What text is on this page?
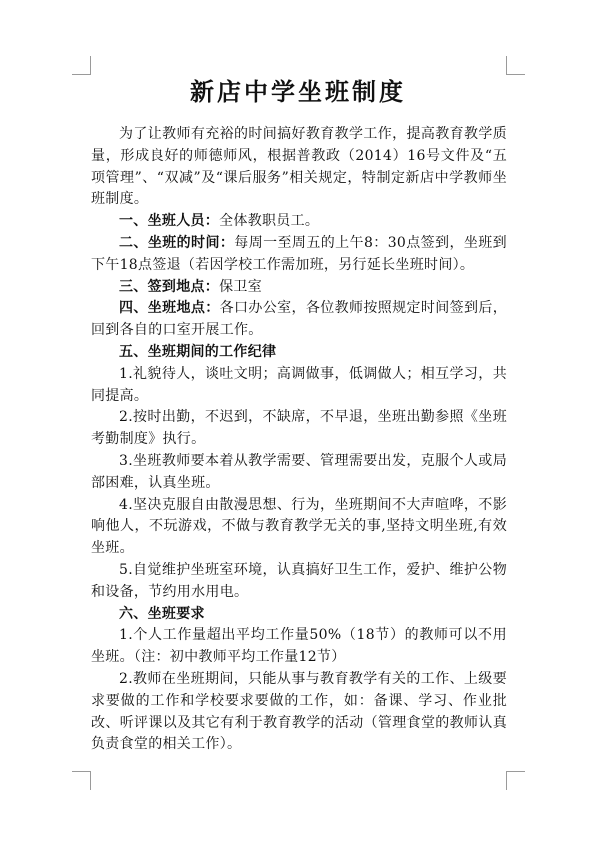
新店中学坐班制度

为了让教师有充裕的时间搞好教育教学工作，提高教育教学质量，形成良好的师德师风，根据普教政（2014）16号文件及“五项管理”、“双减”及“课后服务”相关规定，特制定新店中学教师坐班制度。

一、坐班人员：全体教职员工。

二、坐班的时间：每周一至周五的上午8：30点签到，坐班到下午18点签退（若因学校工作需加班，另行延长坐班时间）。

三、签到地点：保卫室

四、坐班地点：各口办公室，各位教师按照规定时间签到后，回到各自的口室开展工作。

五、坐班期间的工作纪律

1.礼貌待人，谈吐文明；高调做事，低调做人；相互学习，共同提高。

2.按时出勤，不迟到，不缺席，不早退，坐班出勤参照《坐班考勤制度》执行。

3.坐班教师要本着从教学需要、管理需要出发，克服个人或局部困难，认真坐班。

4.坚决克服自由散漫思想、行为，坐班期间不大声喧哗，不影响他人，不玩游戏，不做与教育教学无关的事,坚持文明坐班,有效坐班。

5.自觉维护坐班室环境，认真搞好卫生工作，爱护、维护公物和设备，节约用水用电。

六、坐班要求

1.个人工作量超出平均工作量50%（18节）的教师可以不用坐班。（注：初中教师平均工作量12节）

2.教师在坐班期间，只能从事与教育教学有关的工作、上级要求要做的工作和学校要求要做的工作，如：备课、学习、作业批改、听评课以及其它有利于教育教学的活动（管理食堂的教师认真负责食堂的相关工作）。
